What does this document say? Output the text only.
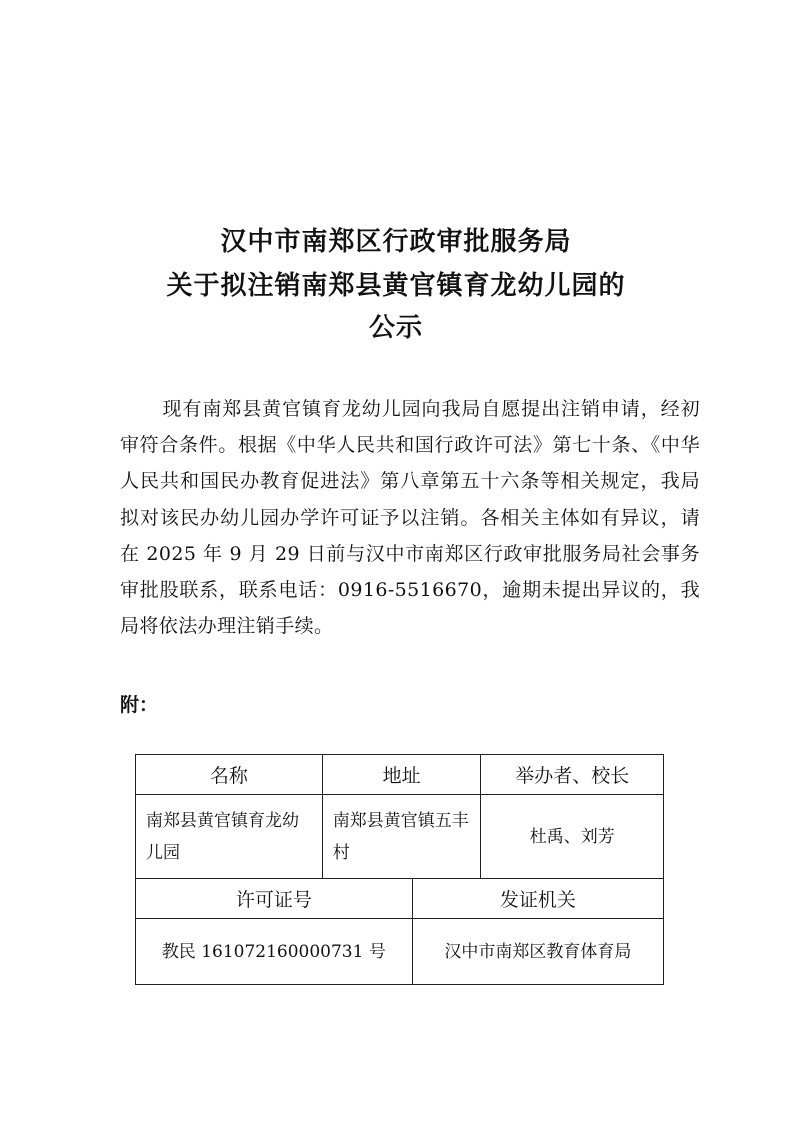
汉中市南郑区行政审批服务局
关于拟注销南郑县黄官镇育龙幼儿园的
公示
现有南郑县黄官镇育龙幼儿园向我局自愿提出注销申请，经初审符合条件。根据《中华人民共和国行政许可法》第七十条、《中华人民共和国民办教育促进法》第八章第五十六条等相关规定，我局拟对该民办幼儿园办学许可证予以注销。各相关主体如有异议，请在 2025 年 9 月 29 日前与汉中市南郑区行政审批服务局社会事务审批股联系，联系电话：0916-5516670，逾期未提出异议的，我局将依法办理注销手续。
附：
名称	地址		举办者、校长
南郑县黄官镇育龙幼儿园	南郑县黄官镇五丰村		杜禹、刘芳
许可证号		发证机关	
教民 161072160000731 号		汉中市南郑区教育体育局	
